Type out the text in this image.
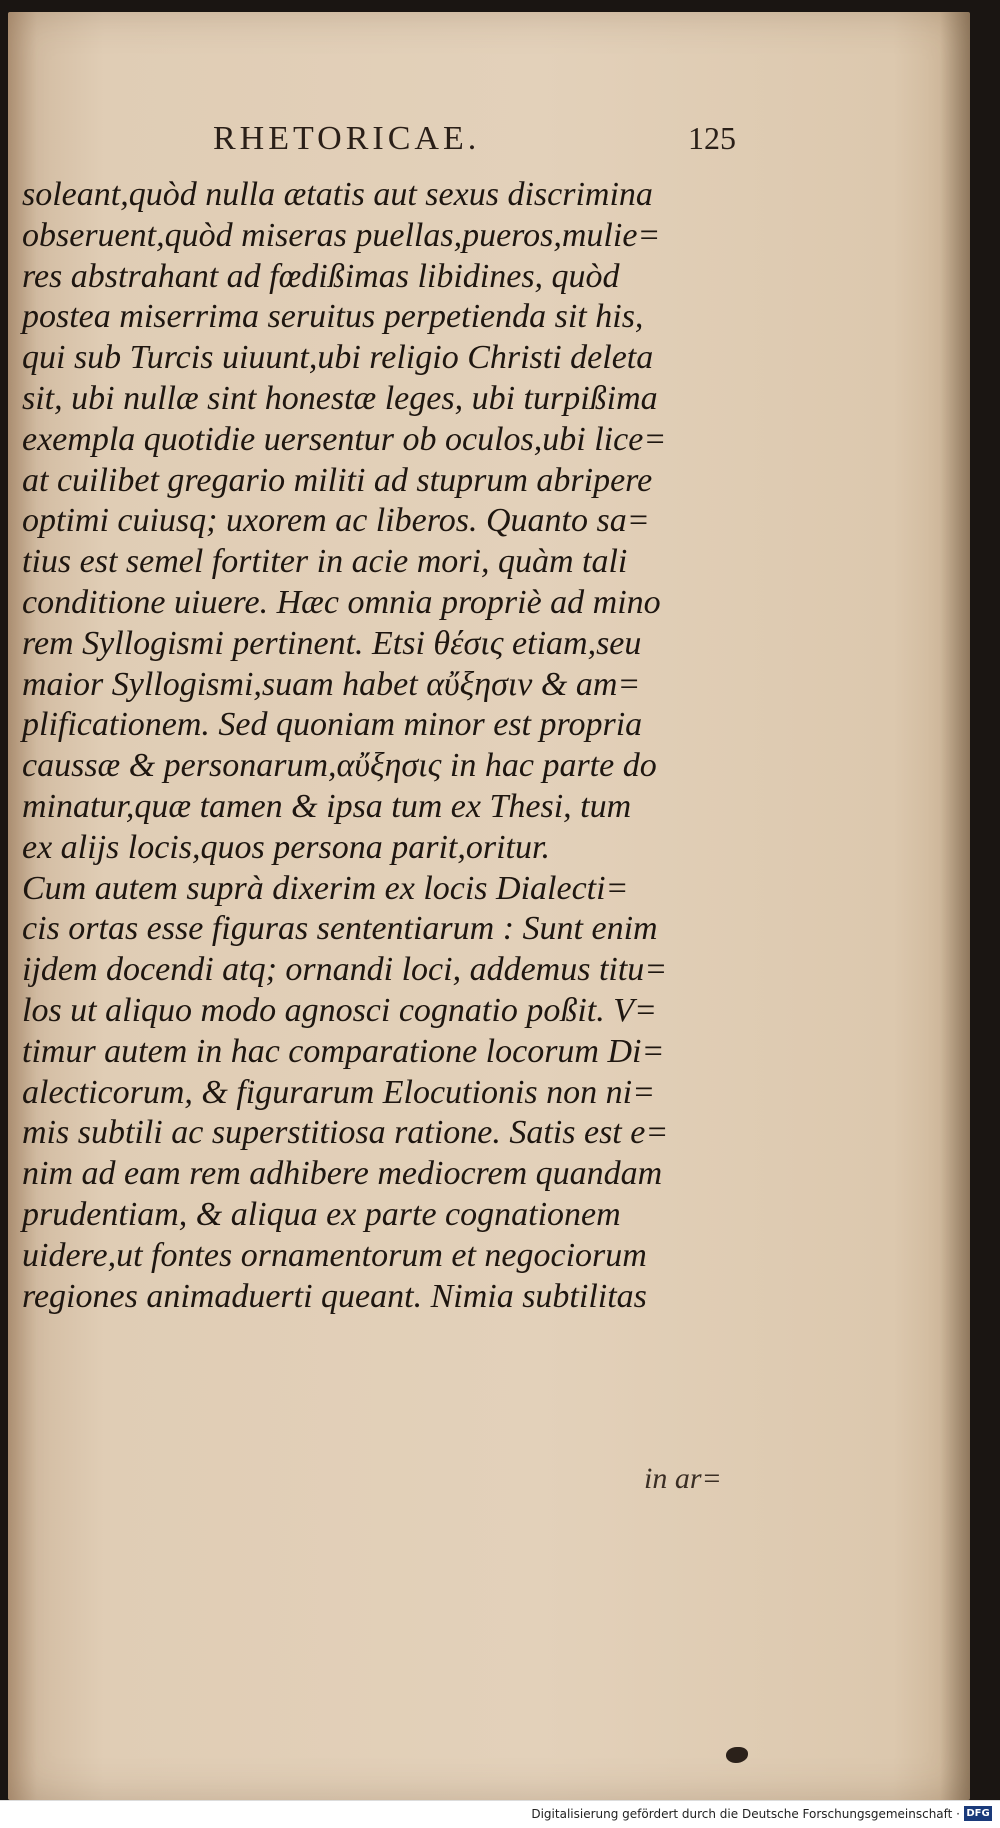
RHETORICAE.	125
soleant,quòd nulla ætatis aut sexus discrimina
obseruent,quòd miseras puellas,pueros,mulie=
res abstrahant ad fœdißimas libidines, quòd
postea miserrima seruitus perpetienda sit his,
qui sub Turcis uiuunt,ubi religio Christi deleta
sit, ubi nullæ sint honestæ leges, ubi turpißima
exempla quotidie uersentur ob oculos,ubi lice=
at cuilibet gregario militi ad stuprum abripere
optimi cuiusq; uxorem ac liberos. Quanto sa=
tius est semel fortiter in acie mori, quàm tali
conditione uiuere. Hæc omnia propriè ad mino
rem Syllogismi pertinent. Etsi θέσις etiam,seu
maior Syllogismi,suam habet αὔξησιν & am=
plificationem. Sed quoniam minor est propria
caussæ & personarum,αὔξησις in hac parte do
minatur,quæ tamen & ipsa tum ex Thesi, tum
ex alijs locis,quos persona parit,oritur.
Cum autem suprà dixerim ex locis Dialecti=
cis ortas esse figuras sententiarum : Sunt enim
ijdem docendi atq; ornandi loci, addemus titu=
los ut aliquo modo agnosci cognatio poßit. V=
timur autem in hac comparatione locorum Di=
alecticorum, & figurarum Elocutionis non ni=
mis subtili ac superstitiosa ratione. Satis est e=
nim ad eam rem adhibere mediocrem quandam
prudentiam, & aliqua ex parte cognationem
uidere,ut fontes ornamentorum et negociorum
regiones animaduerti queant. Nimia subtilitas
in ar=
Digitalisierung gefördert durch die Deutsche Forschungsgemeinschaft · DFG
